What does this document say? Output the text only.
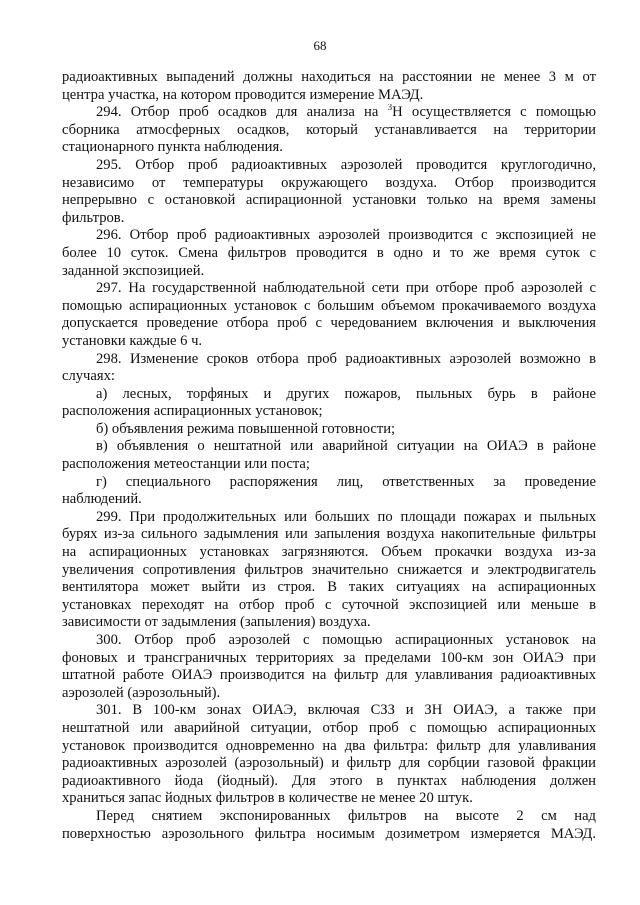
68
радиоактивных выпадений должны находиться на расстоянии не менее 3 м от
центра участка, на котором проводится измерение МАЭД.
294. Отбор проб осадков для анализа на $^3$H осуществляется с помощью
сборника атмосферных осадков, который устанавливается на территории
стационарного пункта наблюдения.
295. Отбор проб радиоактивных аэрозолей проводится круглогодично,
независимо от температуры окружающего воздуха. Отбор производится
непрерывно с остановкой аспирационной установки только на время замены
фильтров.
296. Отбор проб радиоактивных аэрозолей производится с экспозицией не
более 10 суток. Смена фильтров проводится в одно и то же время суток с
заданной экспозицией.
297. На государственной наблюдательной сети при отборе проб аэрозолей с
помощью аспирационных установок с большим объемом прокачиваемого воздуха
допускается проведение отбора проб с чередованием включения и выключения
установки каждые 6 ч.
298. Изменение сроков отбора проб радиоактивных аэрозолей возможно в
случаях:
а) лесных, торфяных и других пожаров, пыльных бурь в районе
расположения аспирационных установок;
б) объявления режима повышенной готовности;
в) объявления о нештатной или аварийной ситуации на ОИАЭ в районе
расположения метеостанции или поста;
г) специального распоряжения лиц, ответственных за проведение
наблюдений.
299. При продолжительных или больших по площади пожарах и пыльных
бурях из-за сильного задымления или запыления воздуха накопительные фильтры
на аспирационных установках загрязняются. Объем прокачки воздуха из-за
увеличения сопротивления фильтров значительно снижается и электродвигатель
вентилятора может выйти из строя. В таких ситуациях на аспирационных
установках переходят на отбор проб с суточной экспозицией или меньше в
зависимости от задымления (запыления) воздуха.
300. Отбор проб аэрозолей с помощью аспирационных установок на
фоновых и трансграничных территориях за пределами 100-км зон ОИАЭ при
штатной работе ОИАЭ производится на фильтр для улавливания радиоактивных
аэрозолей (аэрозольный).
301. В 100-км зонах ОИАЭ, включая СЗЗ и ЗН ОИАЭ, а также при
нештатной или аварийной ситуации, отбор проб с помощью аспирационных
установок производится одновременно на два фильтра: фильтр для улавливания
радиоактивных аэрозолей (аэрозольный) и фильтр для сорбции газовой фракции
радиоактивного йода (йодный). Для этого в пунктах наблюдения должен
храниться запас йодных фильтров в количестве не менее 20 штук.
Перед снятием экспонированных фильтров на высоте 2 см над
поверхностью аэрозольного фильтра носимым дозиметром измеряется МАЭД.
